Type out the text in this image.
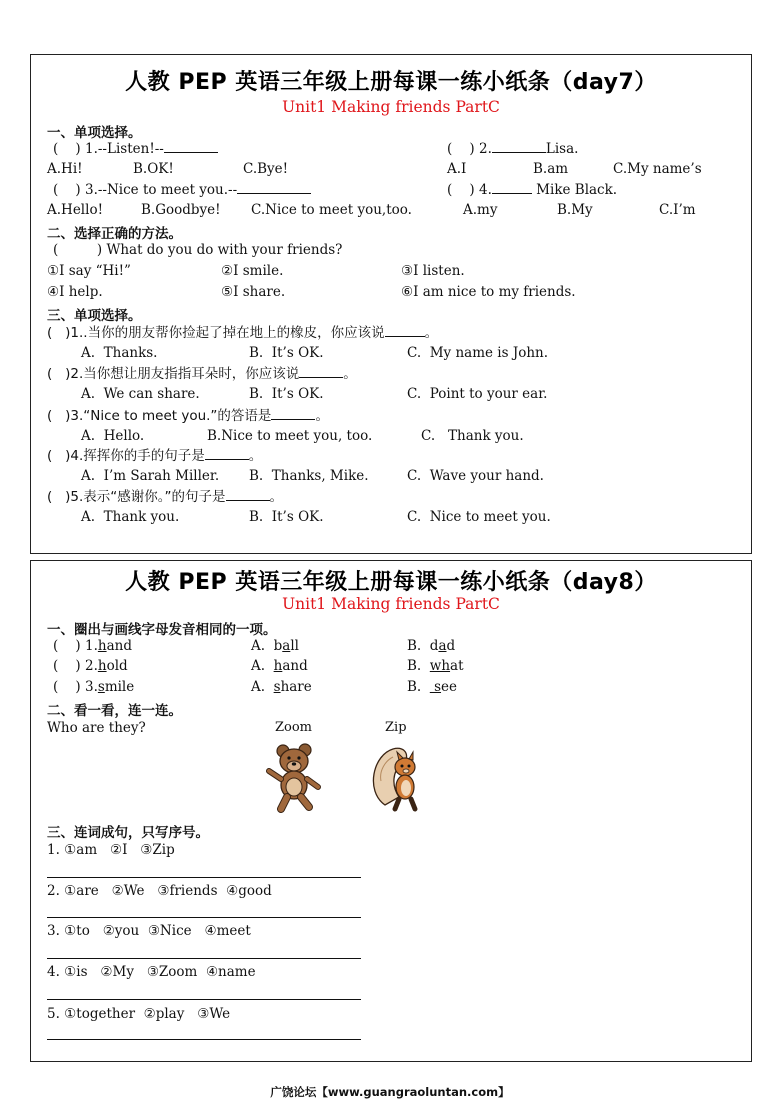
人教 PEP 英语三年级上册每课一练小纸条（day7）
Unit1 Making friends PartC
一、单项选择。
(    ) 1.--Listen!--	(    ) 2.	Lisa.
A.Hi!	B.OK!	C.Bye!	A.I	B.am	C.My name’s
(    ) 3.--Nice to meet you.--	(    ) 4.	Mike Black.
A.Hello!	B.Goodbye! C.Nice to meet you,too.	A.my	B.My	C.I’m
二、选择正确的方法。
(         ) What do you do with your friends?
①I say “Hi!”	②I smile.	③I listen.
④I help.	⑤I share.	⑥I am nice to my friends.
三、单项选择。
(   )1..当你的朋友帮你捡起了掉在地上的橡皮，你应该说	。
A.  Thanks.	B.  It’s OK.	C.  My name is John.
(   )2.当你想让朋友指指耳朵时，你应该说	。
A.  We can share.	B.  It’s OK.	C.  Point to your ear.
(   )3.“Nice to meet you.”的答语是	。
A.  Hello.	B.Nice to meet you, too.	C.   Thank you.
(   )4.挥挥你的手的句子是	。
A.  I’m Sarah Miller. B.  Thanks, Mike.	C.  Wave your hand.
(   )5.表示“感谢你。”的句子是	。
A.  Thank you.	B.  It’s OK.	C.  Nice to meet you.
人教 PEP 英语三年级上册每课一练小纸条（day8）
Unit1 Making friends PartC
一、圈出与画线字母发音相同的一项。
(    ) 1.hand	A.  ball	B.  dad
(    ) 2.hold	A.  hand	B.  what
(    ) 3.smile	A.  share	B.   see
二、看一看，连一连。
Who are they?	Zoom	Zip
三、连词成句，只写序号。
1. ①am   ②I   ③Zip
2. ①are   ②We   ③friends  ④good
3. ①to   ②you  ③Nice   ④meet
4. ①is   ②My   ③Zoom  ④name
5. ①together  ②play   ③We
广饶论坛【www.guangraoluntan.com】
